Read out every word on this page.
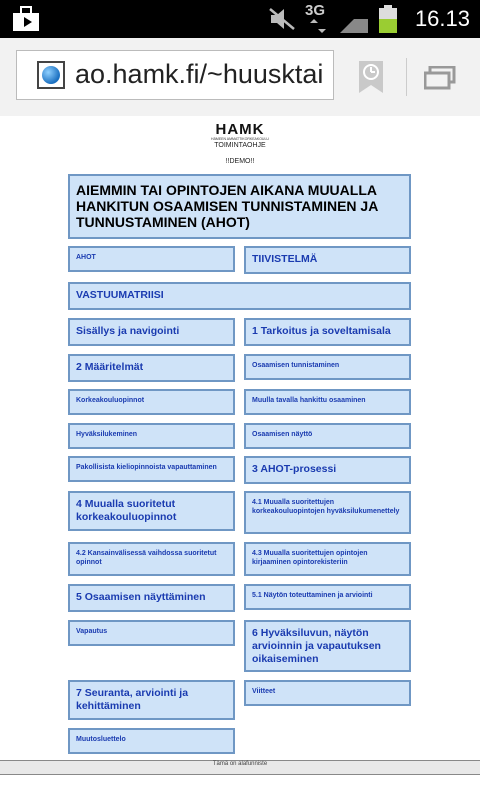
3G	16.13
ao.hamk.fi/~huusktai
HAMK
HÄMEEN AMMATTIKORKEAKOULU
TOIMINTAOHJE
!!DEMO!!
AIEMMIN TAI OPINTOJEN AIKANA MUUALLA HANKITUN OSAAMISEN TUNNISTAMINEN JA TUNNUSTAMINEN (AHOT)
AHOT	TIIVISTELMÄ
VASTUUMATRIISI
Sisällys ja navigointi	1 Tarkoitus ja soveltamisala
2 Määritelmät	Osaamisen tunnistaminen
Korkeakouluopinnot	Muulla tavalla hankittu osaaminen
Hyväksilukeminen	Osaamisen näyttö
Pakollisista kieliopinnoista vapauttaminen	3 AHOT-prosessi
4 Muualla suoritetut korkeakouluopinnot
4.1 Muualla suoritettujen korkeakouluopintojen hyväksilukumenettely
4.2 Kansainvälisessä vaihdossa suoritetut opinnot
4.3 Muualla suoritettujen opintojen kirjaaminen opintorekisteriin
5 Osaamisen näyttäminen	5.1 Näytön toteuttaminen ja arviointi
Vapautus	6 Hyväksiluvun, näytön arvioinnin ja vapautuksen oikaiseminen
Viitteet
7 Seuranta, arviointi ja kehittäminen
Muutosluettelo
Tämä on alafunniste
